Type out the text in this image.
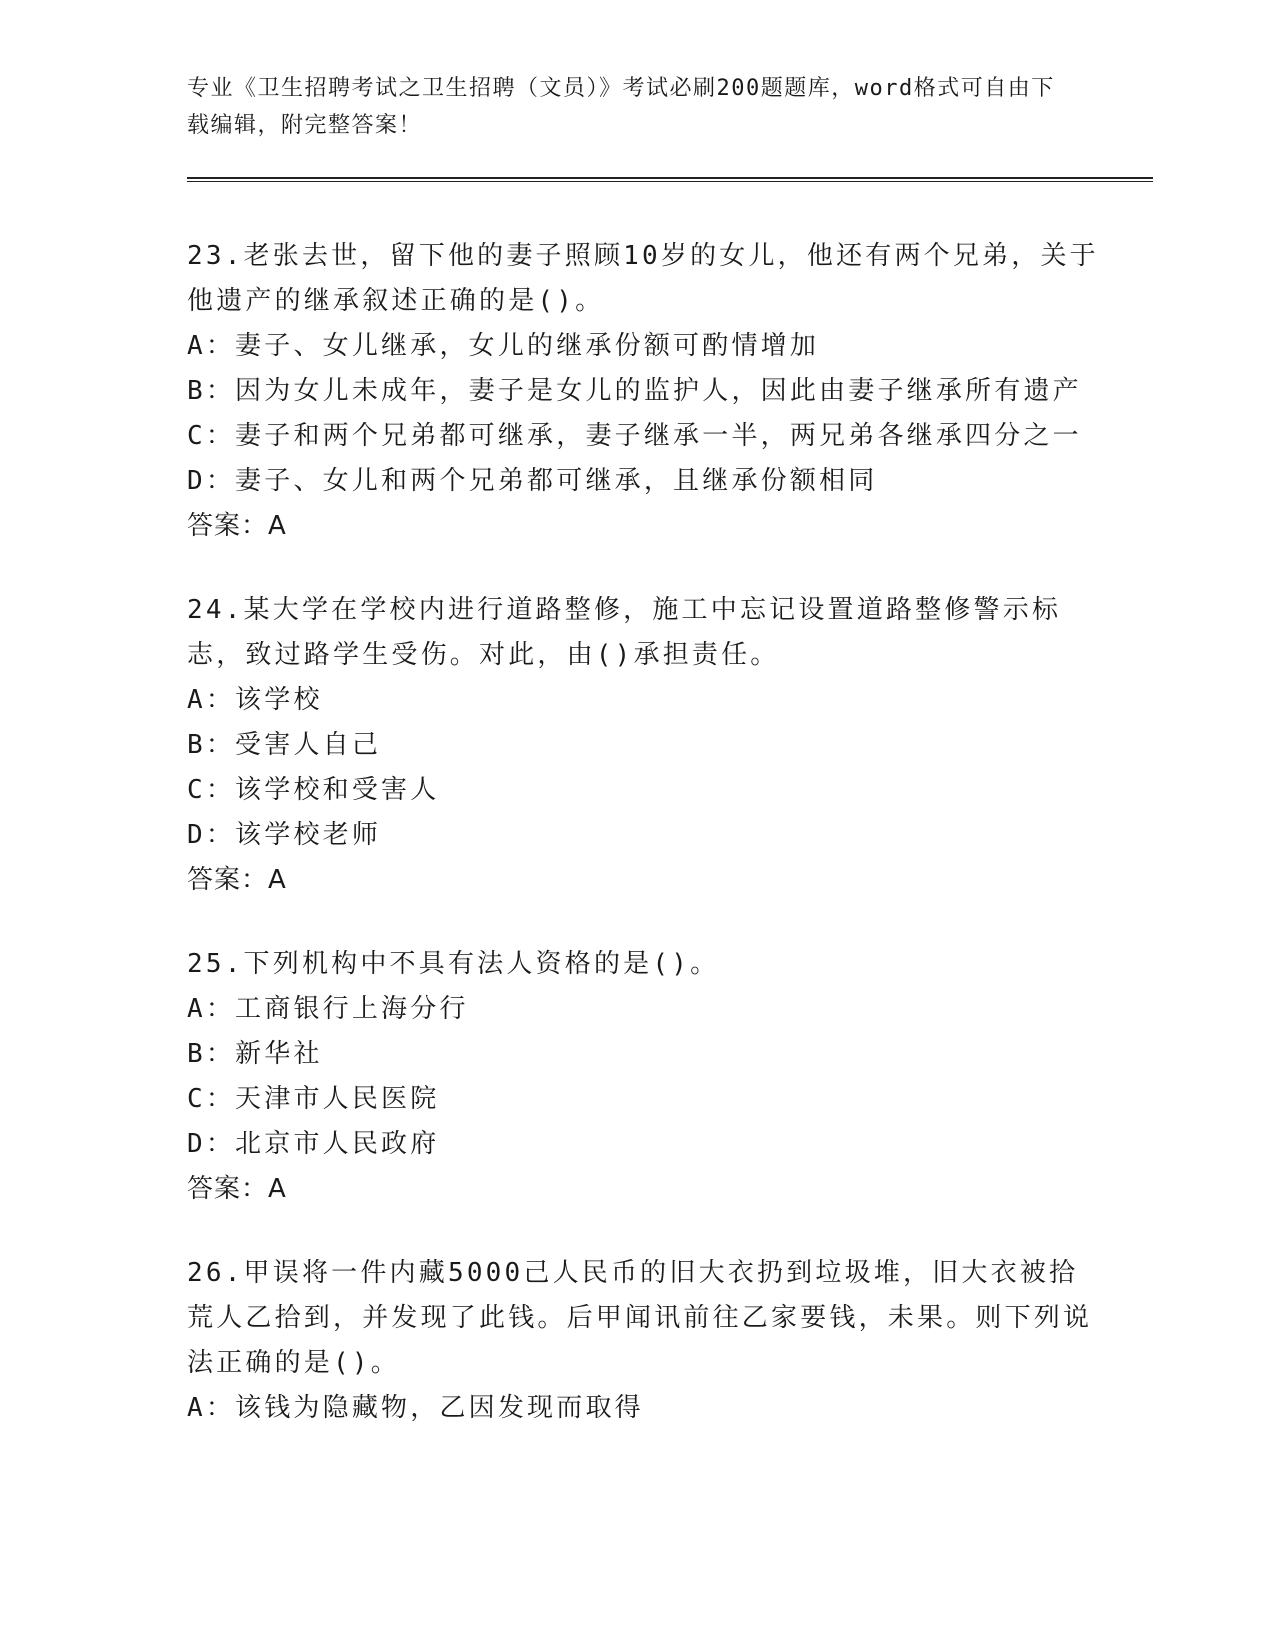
专业《卫生招聘考试之卫生招聘（文员）》考试必刷200题题库，word格式可自由下载编辑，附完整答案！

23.老张去世，留下他的妻子照顾10岁的女儿，他还有两个兄弟，关于他遗产的继承叙述正确的是()。

A：妻子、女儿继承，女儿的继承份额可酌情增加

B：因为女儿未成年，妻子是女儿的监护人，因此由妻子继承所有遗产

C：妻子和两个兄弟都可继承，妻子继承一半，两兄弟各继承四分之一

D：妻子、女儿和两个兄弟都可继承，且继承份额相同

答案：A

24.某大学在学校内进行道路整修，施工中忘记设置道路整修警示标志，致过路学生受伤。对此，由()承担责任。

A：该学校

B：受害人自己

C：该学校和受害人

D：该学校老师

答案：A

25.下列机构中不具有法人资格的是()。

A：工商银行上海分行

B：新华社

C：天津市人民医院

D：北京市人民政府

答案：A

26.甲误将一件内藏5000己人民币的旧大衣扔到垃圾堆，旧大衣被拾荒人乙拾到，并发现了此钱。后甲闻讯前往乙家要钱，未果。则下列说法正确的是()。

A：该钱为隐藏物，乙因发现而取得
